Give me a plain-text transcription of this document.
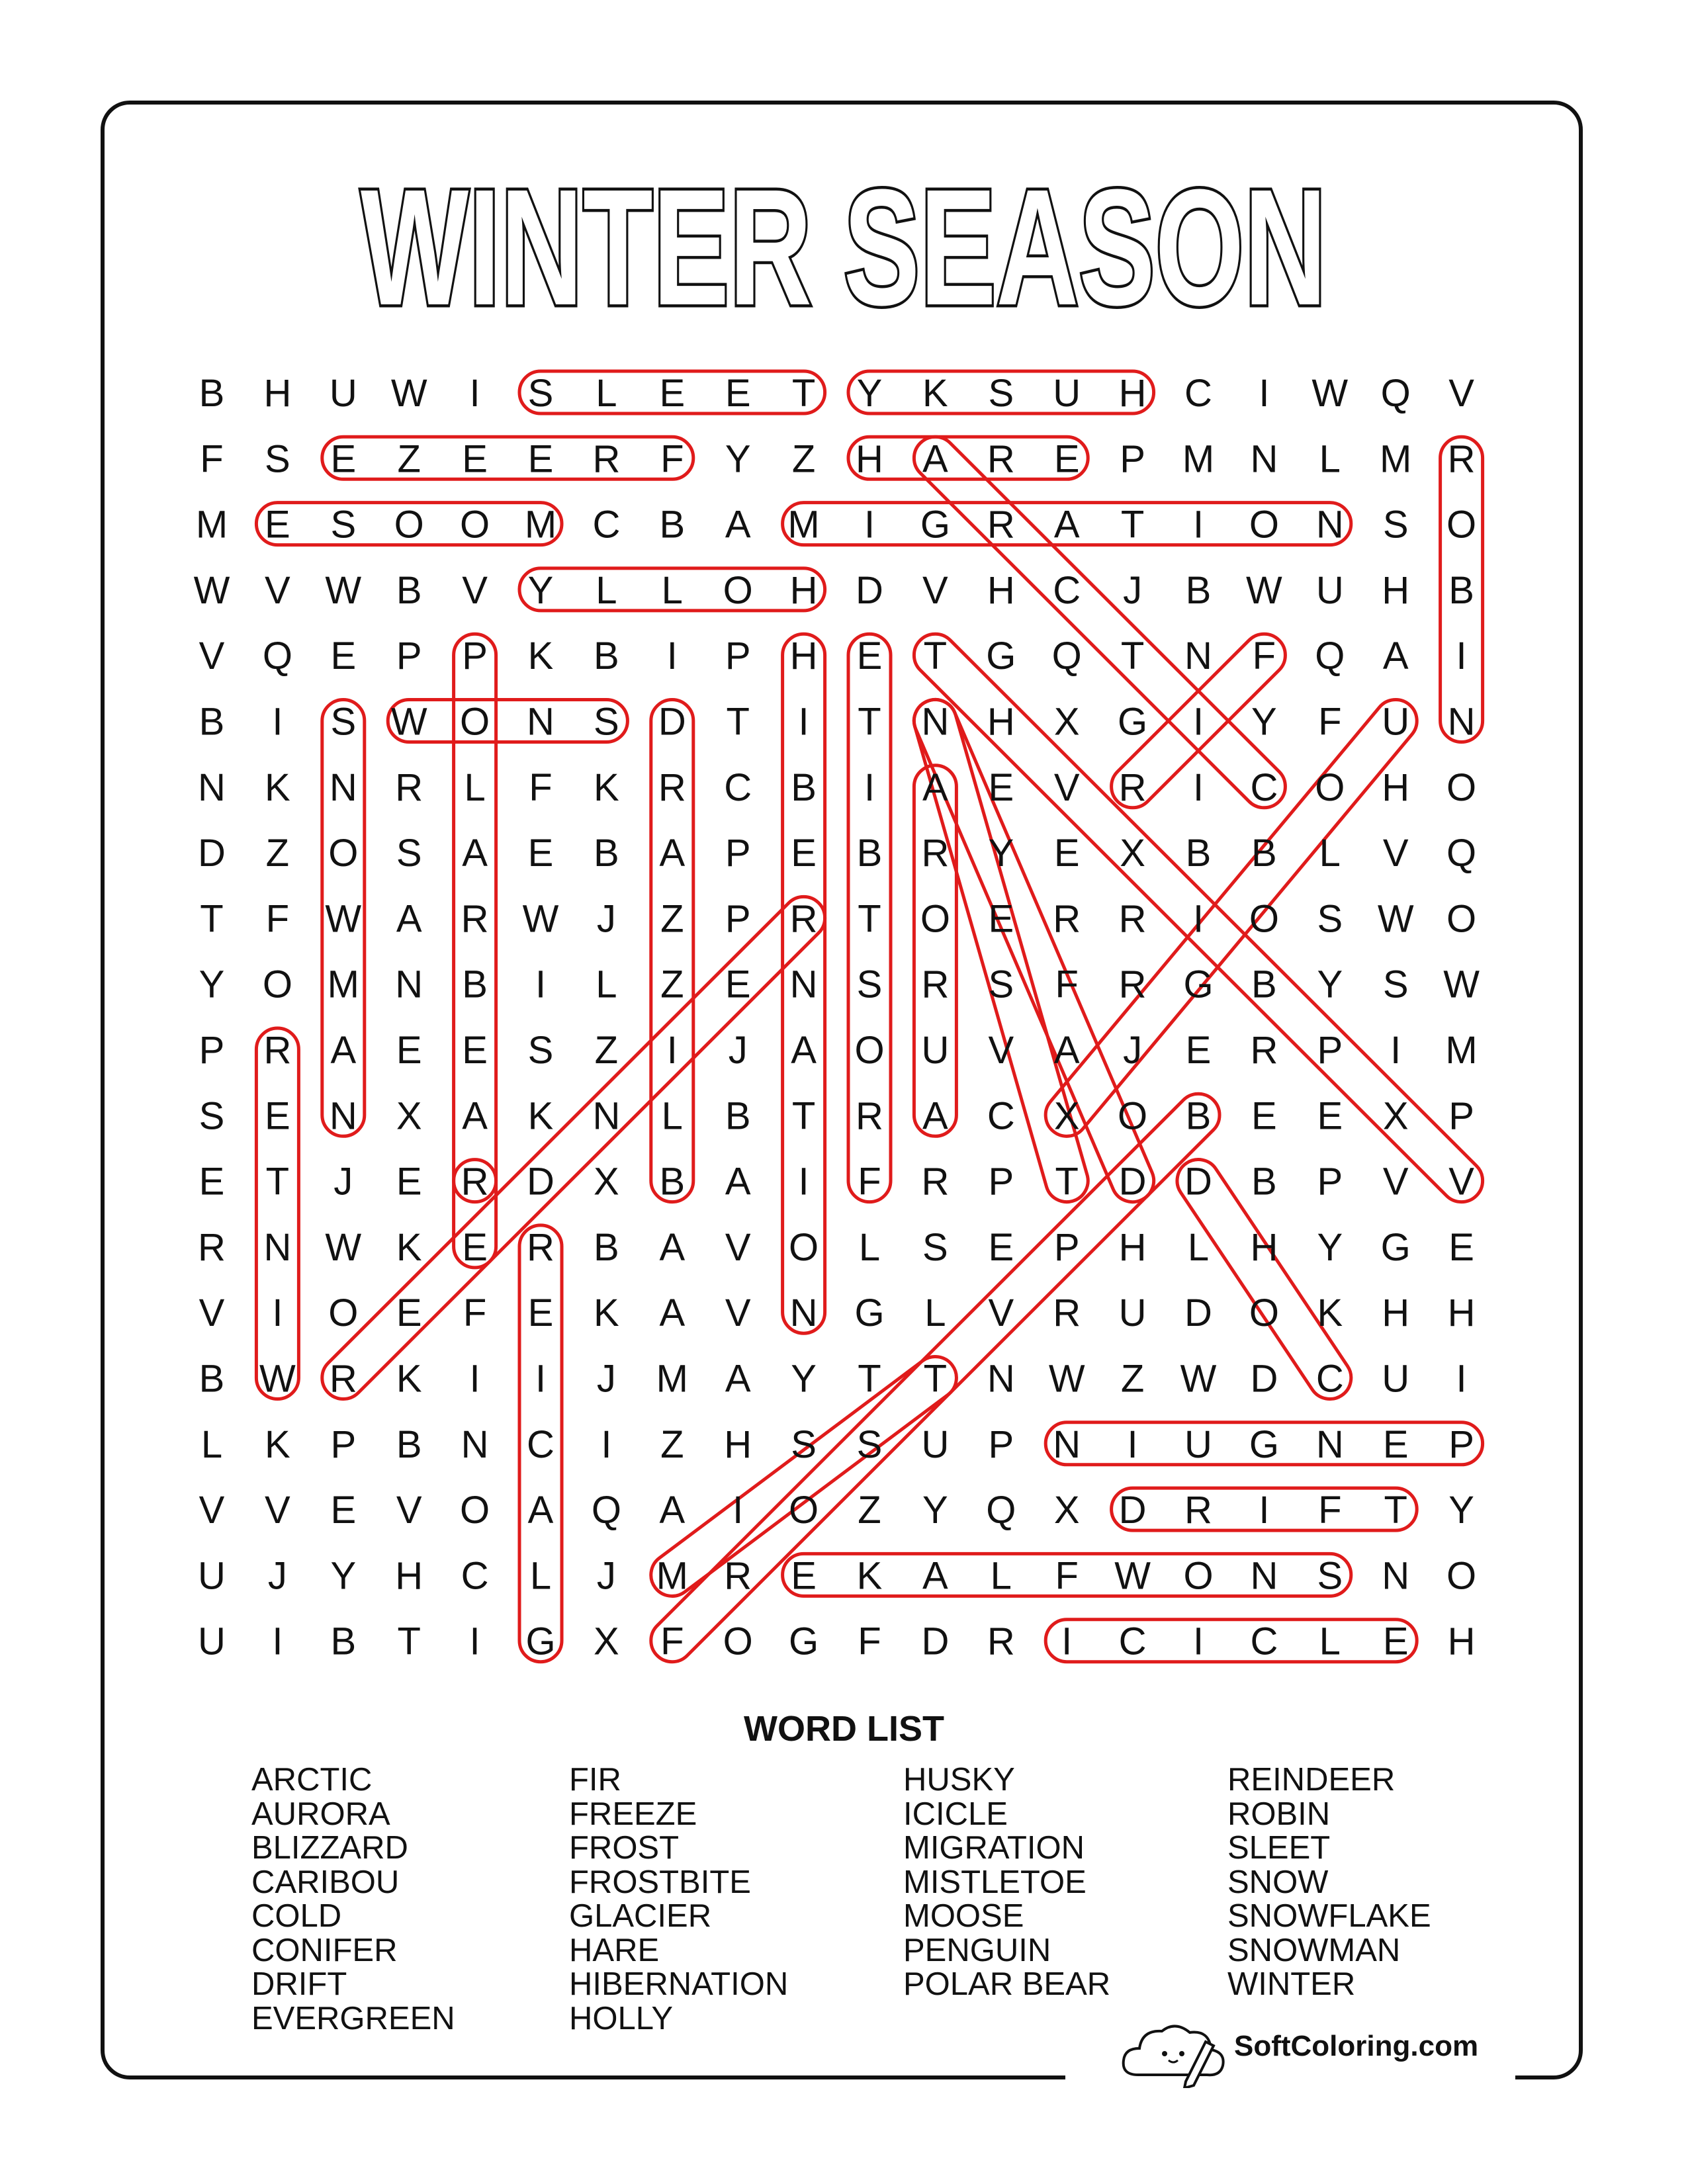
WINTER SEASON
B H U W I S L E E T Y K S U H C I W Q V
F S E Z E E R F Y Z H A R E P M N L M R
M E S O O M C B A M I G R A T I O N S O
W V W B V Y L L O H D V H C J B W U H B
V Q E P P K B I P H E T G Q T N F Q A I
B I S W O N S D T I T N H X G I Y F U N
N K N R L F K R C B I A E V R I C O H O
D Z O S A E B A P E B R Y E X B B L V Q
T F W A R W J Z P R T O E R R I O S W O
Y O M N B I L Z E N S R S F R G B Y S W
P R A E E S Z I J A O U V A J E R P I M
S E N X A K N L B T R A C X O B E E X P
E T J E R D X B A I F R P T D D B P V V
R N W K E R B A V O L S E P H L H Y G E
V I O E F E K A V N G L V R U D O K H H
B W R K I I J M A Y T T N W Z W D C U I
L K P B N C I Z H S S U P N I U G N E P
V V E V O A Q A I O Z Y Q X D R I F T Y
U J Y H C L J M R E K A L F W O N S N O
U I B T I G X F O G F D R I C I C L E H
WORD LIST
ARCTIC
AURORA
BLIZZARD
CARIBOU
COLD
CONIFER
DRIFT
EVERGREEN
FIR
FREEZE
FROST
FROSTBITE
GLACIER
HARE
HIBERNATION
HOLLY
HUSKY
ICICLE
MIGRATION
MISTLETOE
MOOSE
PENGUIN
POLAR BEAR
REINDEER
ROBIN
SLEET
SNOW
SNOWFLAKE
SNOWMAN
WINTER
SoftColoring.com
